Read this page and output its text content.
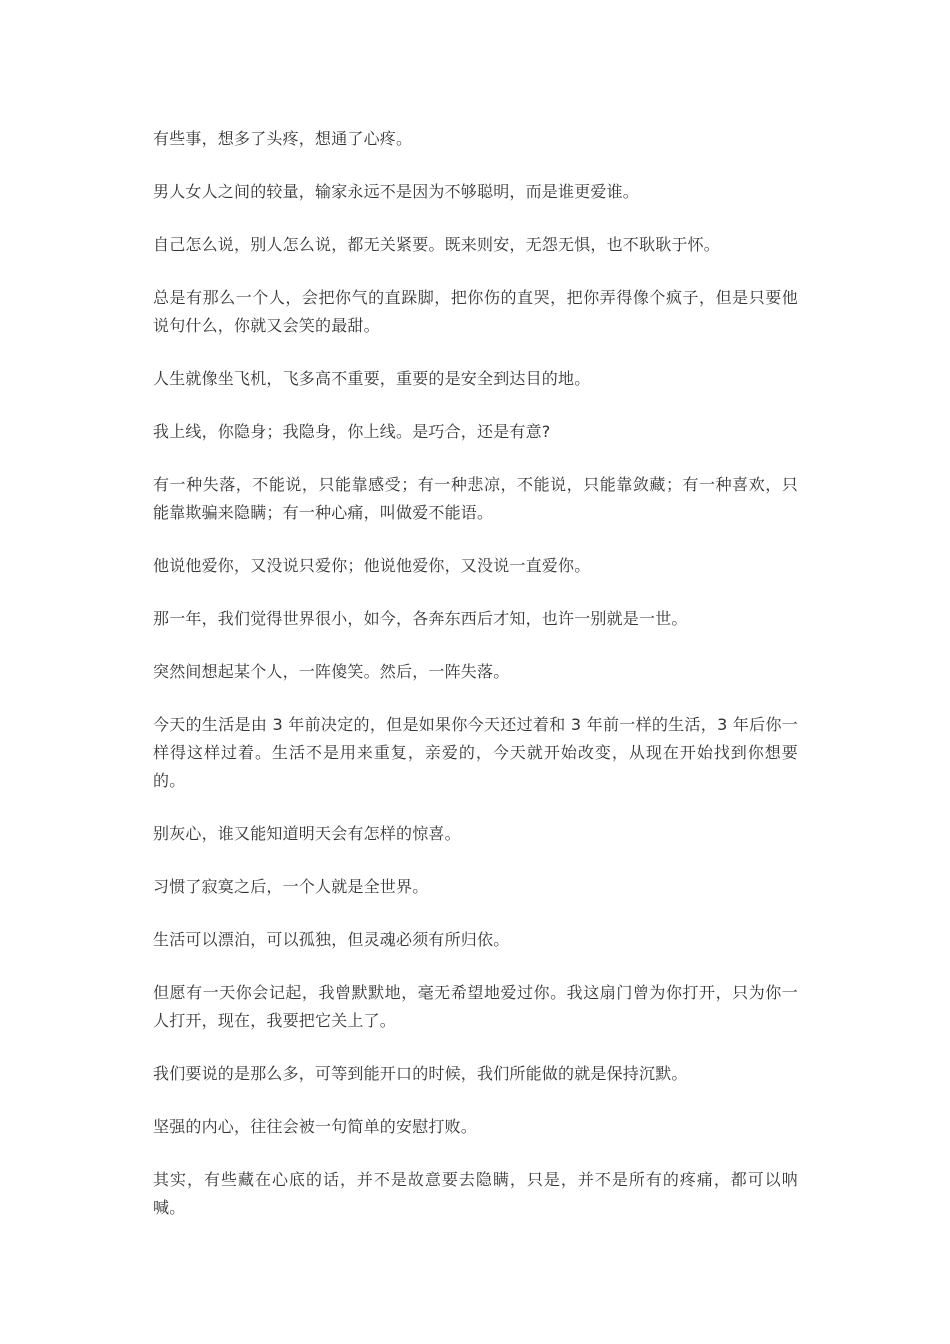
有些事，想多了头疼，想通了心疼。

男人女人之间的较量，输家永远不是因为不够聪明，而是谁更爱谁。

自己怎么说，别人怎么说，都无关紧要。既来则安，无怨无惧，也不耿耿于怀。

总是有那么一个人，会把你气的直跺脚，把你伤的直哭，把你弄得像个疯子，但是只要他说句什么，你就又会笑的最甜。

人生就像坐飞机，飞多高不重要，重要的是安全到达目的地。

我上线，你隐身；我隐身，你上线。是巧合，还是有意?

有一种失落，不能说，只能靠感受；有一种悲凉，不能说，只能靠敛藏；有一种喜欢，只能靠欺骗来隐瞒；有一种心痛，叫做爱不能语。

他说他爱你，又没说只爱你；他说他爱你，又没说一直爱你。

那一年，我们觉得世界很小，如今，各奔东西后才知，也许一别就是一世。

突然间想起某个人，一阵傻笑。然后，一阵失落。

今天的生活是由 3 年前决定的，但是如果你今天还过着和 3 年前一样的生活，3 年后你一样得这样过着。生活不是用来重复，亲爱的，今天就开始改变，从现在开始找到你想要的。

别灰心，谁又能知道明天会有怎样的惊喜。

习惯了寂寞之后，一个人就是全世界。

生活可以漂泊，可以孤独，但灵魂必须有所归依。

但愿有一天你会记起，我曾默默地，毫无希望地爱过你。我这扇门曾为你打开，只为你一人打开，现在，我要把它关上了。

我们要说的是那么多，可等到能开口的时候，我们所能做的就是保持沉默。

坚强的内心，往往会被一句简单的安慰打败。

其实，有些藏在心底的话，并不是故意要去隐瞒，只是，并不是所有的疼痛，都可以呐喊。
